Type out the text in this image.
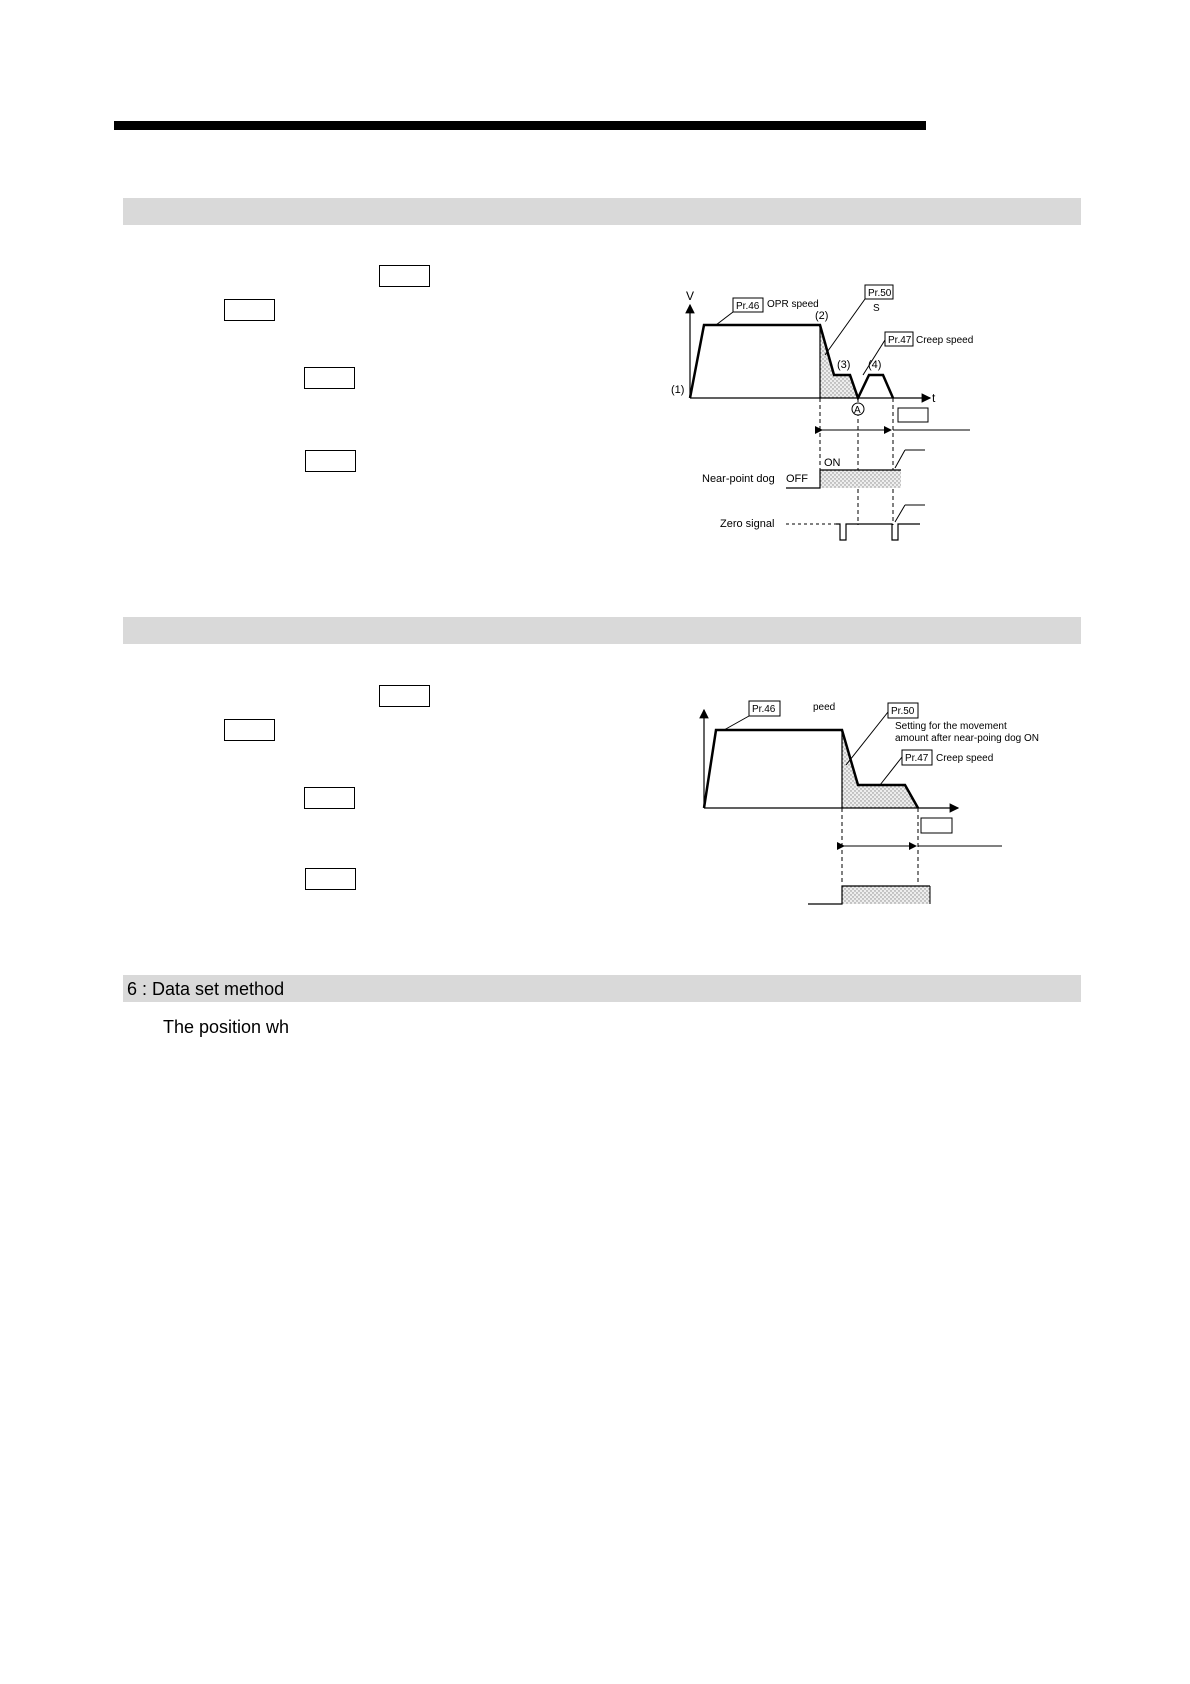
Pr.46 OPR speed
Pr.50
S
Pr.47 Creep speed
V
t
(1)
(2)
(3) (4)
A
ON
OFF
Near-point dog
Zero signal
Pr.46	peed	Pr.50
Setting for the movement
amount after near-poing dog ON
Pr.47 Creep speed
6 : Data set method
The position wh
